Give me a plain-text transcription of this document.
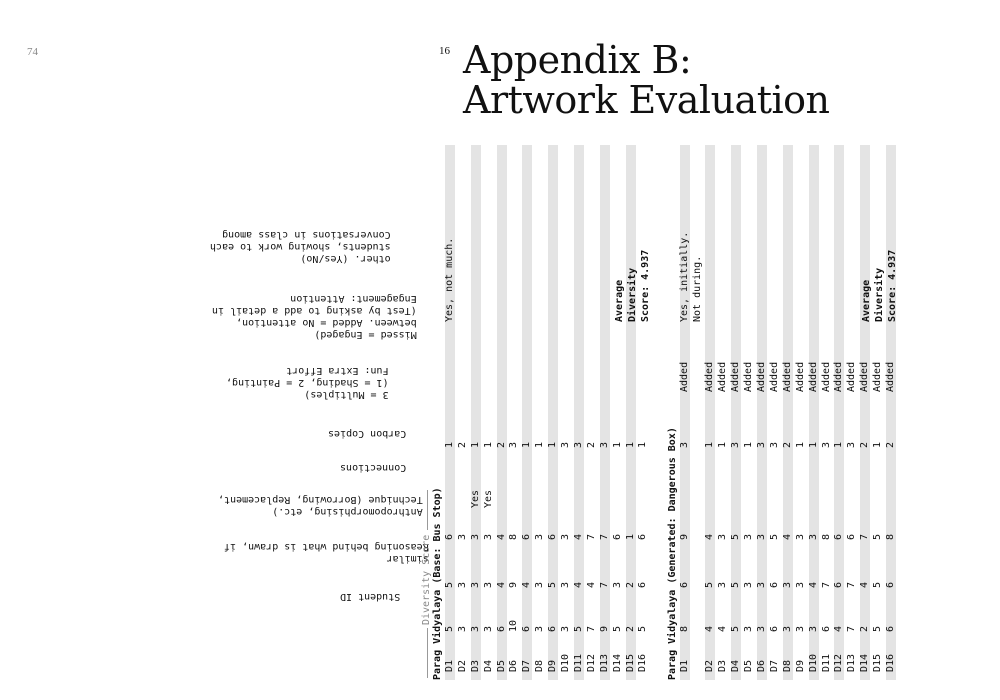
74	16 Appendix B:
Artwork Evaluation
Student ID
similar
Reasoning behind what is drawn, if
Anthropomorphising, etc.)
Technique (Borrowing, Replacement,
Connections
Carbon Copies
3 = Multiples)
(1 = Shading, 2 = Painting,
Fun: Extra Effort
Missed = Engaged)
between. Added = No attention,
(Test by asking to add a detail in
Engagement: Attention
other. (Yes/No)
students, showing work to each
Conversations in class among
Diversity Score Parag Vidyalaya (Base: Bus Stop) D1
5
5
6
1
Yes, not much.
D2
3
3
3
2
D3
3
3
3
Yes
1
D4
3
3
3
Yes
1
D5
6
4
4
2
D6
10
9
8
3
D7
6
4
6
1
D8
3
3
3
1
D9
6
5
6
1
D10
3
3
3
3
D11
5
4
4
3
D12
7
4
7
2
D13
9
7
7
3
D14
5
3
6
1
D15
2
2
1
1
D16
5
6
6
1
Average Diversity Score: 4.937
Parag Vidyalaya (Generated: Dangerous Box) D1
8
6
9
3
Added
Yes, initially. Not during.
D2
4
5
4
1
Added
D3
4
3
3
1
Added
D4
5
5
5
3
Added
D5
3
3
3
1
Added
D6
3
3
3
3
Added
D7
6
6
5
3
Added
D8
3
3
4
2
Added
D9
3
3
3
1
Added
D10
3
4
3
1
Added
D11
6
7
8
3
Added
D12
4
6
6
1
Added
D13
7
7
6
3
Added
D14
2
4
7
2
Added
D15
5
5
5
1
Added
D16
6
6
8
2
Added
Average Diversity Score: 4.937
